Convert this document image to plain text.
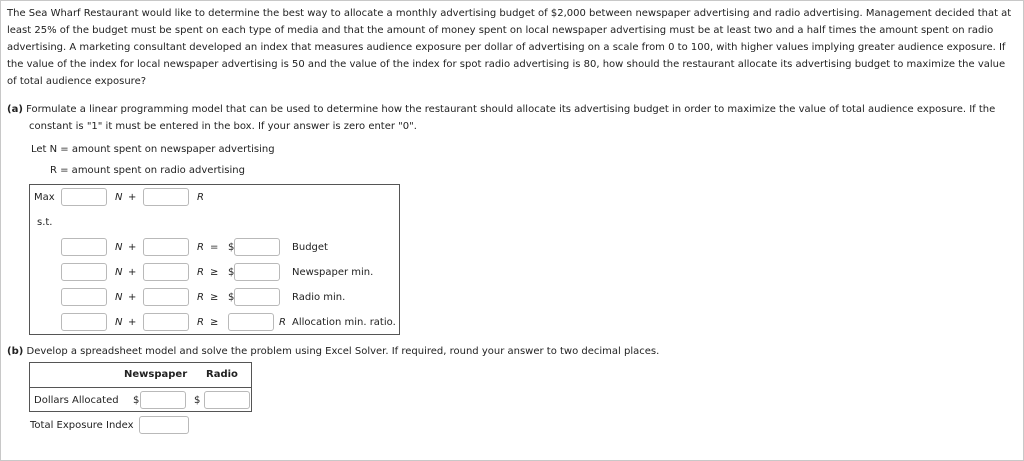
The Sea Wharf Restaurant would like to determine the best way to allocate a monthly advertising budget of $2,000 between newspaper advertising and radio advertising. Management decided that at least 25% of the budget must be spent on each type of media and that the amount of money spent on local newspaper advertising must be at least two and a half times the amount spent on radio advertising. A marketing consultant developed an index that measures audience exposure per dollar of advertising on a scale from 0 to 100, with higher values implying greater audience exposure. If the value of the index for local newspaper advertising is 50 and the value of the index for spot radio advertising is 80, how should the restaurant allocate its advertising budget to maximize the value of total audience exposure?

(a) Formulate a linear programming model that can be used to determine how the restaurant should allocate its advertising budget in order to maximize the value of total audience exposure. If the
constant is "1" it must be entered in the box. If your answer is zero enter "0".

Let N = amount spent on newspaper advertising
R = amount spent on radio advertising
Max	N +	R
s.t.
N +	R = $	Budget
N +	R ≥ $	Newspaper min.
N +	R ≥ $	Radio min.
N +	R ≥	R Allocation min. ratio.

(b) Develop a spreadsheet model and solve the problem using Excel Solver. If required, round your answer to two decimal places.

Newspaper Radio
Dollars Allocated $	$
Total Exposure Index
